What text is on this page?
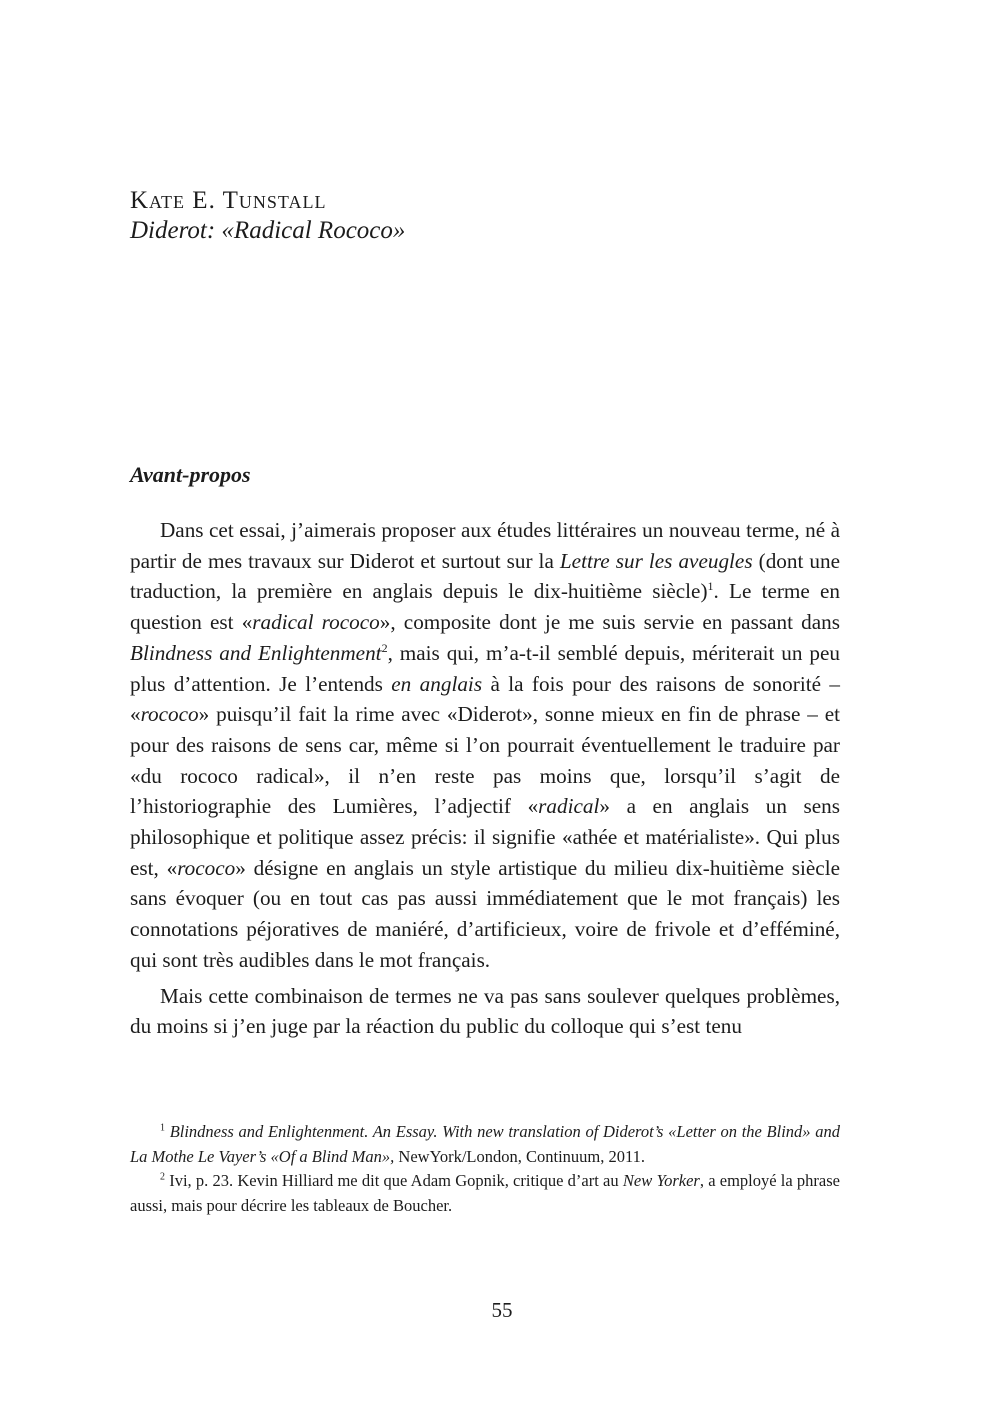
Kate E. Tunstall

Diderot: «Radical Rococo»

Avant-propos

Dans cet essai, j’aimerais proposer aux études littéraires un nouveau terme, né à partir de mes travaux sur Diderot et surtout sur la Lettre sur les aveugles (dont une traduction, la première en anglais depuis le dix-huitième siècle)$^1$. Le terme en question est «radical rococo», composite dont je me suis servie en passant dans Blindness and Enlightenment$^2$, mais qui, m’a-t-il semblé depuis, mériterait un peu plus d’attention. Je l’entends en anglais à la fois pour des raisons de sonorité – «rococo» puisqu’il fait la rime avec «Diderot», sonne mieux en fin de phrase – et pour des raisons de sens car, même si l’on pourrait éventuellement le traduire par «du rococo radical», il n’en reste pas moins que, lorsqu’il s’agit de l’historiographie des Lumières, l’adjectif «radical» a en anglais un sens philosophique et politique assez précis: il signifie «athée et matérialiste». Qui plus est, «rococo» désigne en anglais un style artistique du milieu dix-huitième siècle sans évoquer (ou en tout cas pas aussi immédiatement que le mot français) les connotations péjoratives de maniéré, d’artificieux, voire de frivole et d’efféminé, qui sont très audibles dans le mot français.

Mais cette combinaison de termes ne va pas sans soulever quelques problèmes, du moins si j’en juge par la réaction du public du colloque qui s’est tenu

$^1$ Blindness and Enlightenment. An Essay. With new translation of Diderot’s «Letter on the Blind» and La Mothe Le Vayer’s «Of a Blind Man», NewYork/London, Continuum, 2011.

$^2$ Ivi, p. 23. Kevin Hilliard me dit que Adam Gopnik, critique d’art au New Yorker, a employé la phrase aussi, mais pour décrire les tableaux de Boucher.

55
